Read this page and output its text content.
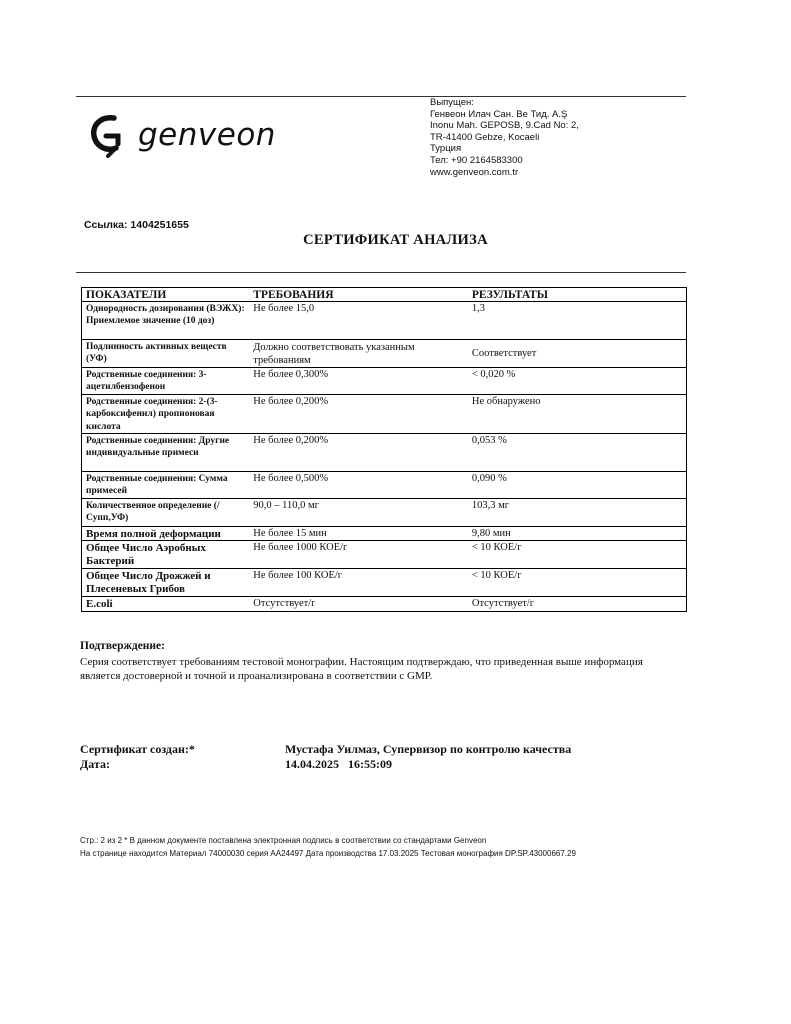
genveon
Выпущен:
Генвеон Илач Сан. Ве Тид. А.Ş
Inonu Mah. GEPOSB, 9.Cad No: 2,
TR-41400 Gebze, Kocaeli
Турция
Тел: +90 2164583300
www.genveon.com.tr
Ссылка: 1404251655
СЕРТИФИКАТ АНАЛИЗА
ПОКАЗАТЕЛИ	ТРЕБОВАНИЯ	РЕЗУЛЬТАТЫ
Однородность дозирования (ВЭЖХ):
Приемлемое значение (10 доз)	Не более 15,0	1,3
Подлинность активных веществ (УФ)	Должно соответствовать указанным требованиям	Соответствует
Родственные соединения: 3-ацетилбензофенон	Не более 0,300%	< 0,020 %
Родственные соединения: 2-(3-карбоксифенил) пропионовая кислота	Не более 0,200%	Не обнаружено
Родственные соединения: Другие индивидуальные примеси	Не более 0,200%	0,053 %
Родственные соединения: Сумма примесей	Не более 0,500%	0,090 %
Количественное определение (/Супп,УФ)	90,0 – 110,0 мг	103,3 мг
Время полной деформации	Не более 15 мин	9,80 мин
Общее Число Аэробных Бактерий	Не более 1000 КОЕ/г	< 10 КОЕ/г
Общее Число Дрожжей и Плесеневых Грибов	Не более 100 КОЕ/г	< 10 КОЕ/г
E.coli	Отсутствует/г	Отсутствует/г
Подтверждение:
Серия соответствует требованиям тестовой монографии. Настоящим подтверждаю, что приведенная выше информация является достоверной и точной и проанализирована в соответствии с GMP.
Сертификат создан:*	Мустафа Уилмаз, Супервизор по контролю качества
Дата:	14.04.2025   16:55:09
Стр.: 2 из 2 * В данном документе поставлена электронная подпись в соответствии со стандартами Genveon
На странице находится Материал 74000030 серия AA24497 Дата производства 17.03.2025 Тестовая монография DP.SP.43000667.29
